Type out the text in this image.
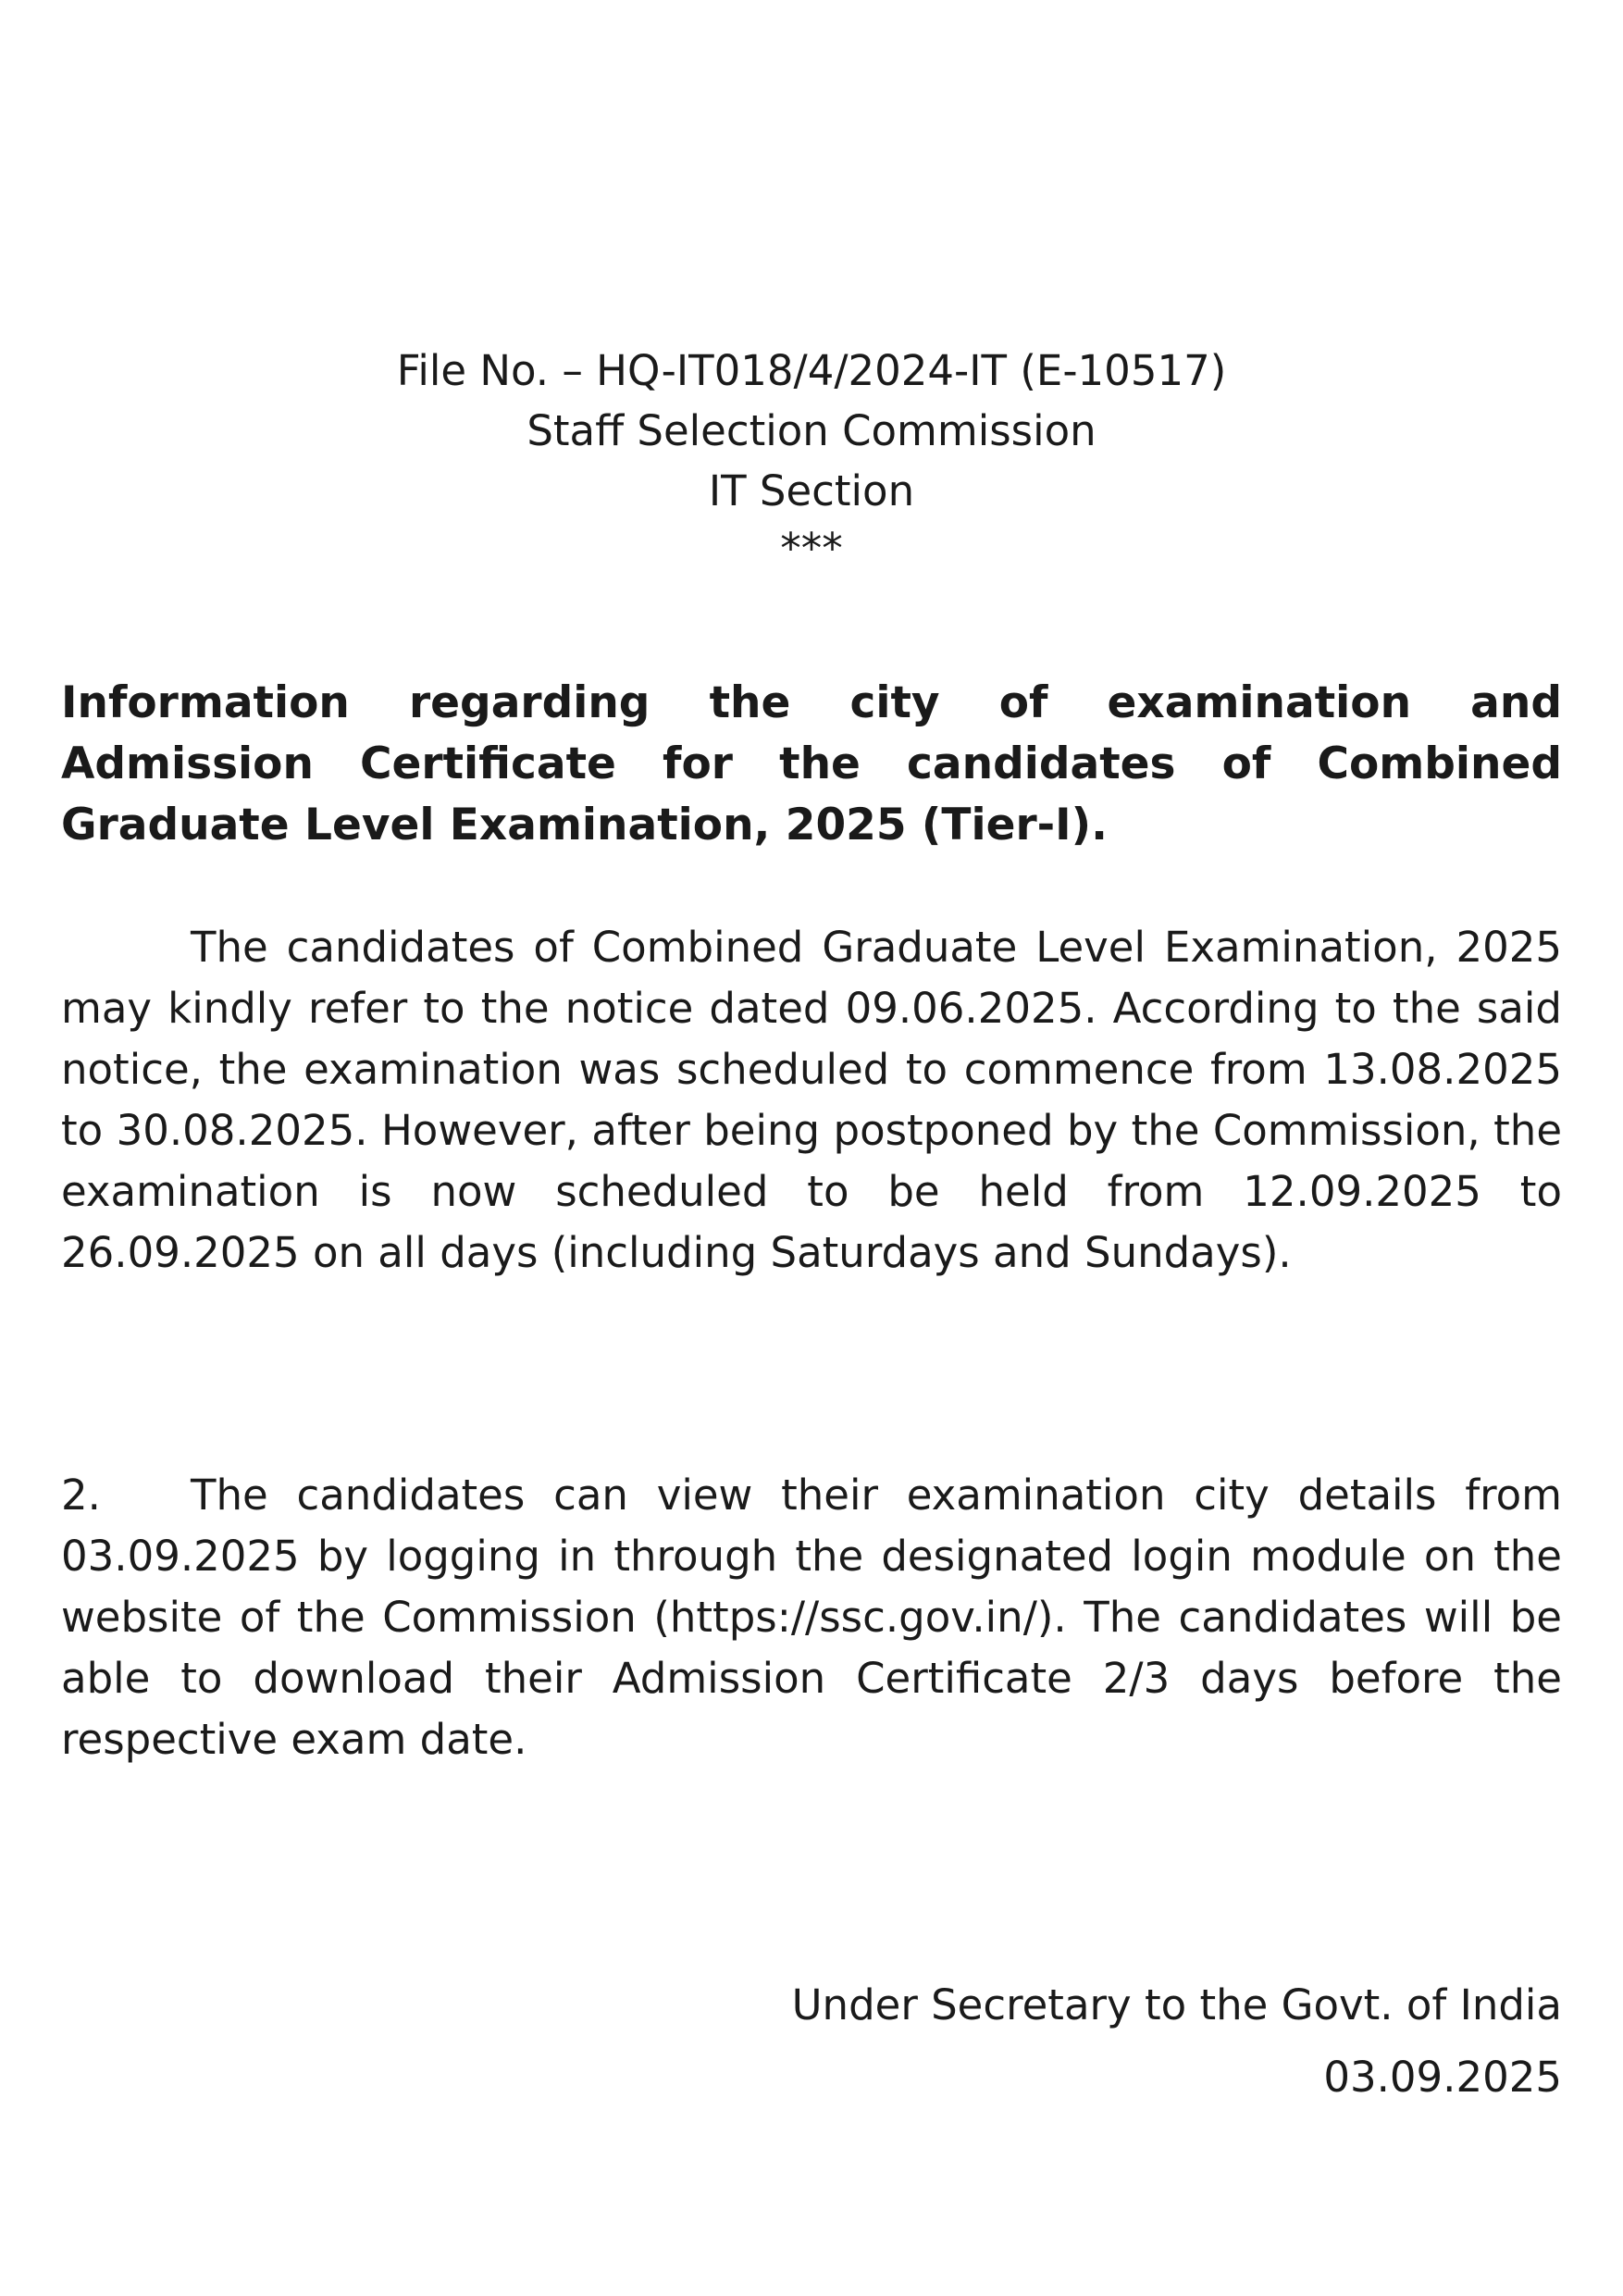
File No. – HQ-IT018/4/2024-IT (E-10517)
Staff Selection Commission
IT Section
***
Information regarding the city of examination and Admission Certificate for the candidates of Combined Graduate Level Examination, 2025 (Tier-I).
The candidates of Combined Graduate Level Examination, 2025 may kindly refer to the notice dated 09.06.2025. According to the said notice, the examination was scheduled to commence from 13.08.2025 to 30.08.2025. However, after being postponed by the Commission, the examination is now scheduled to be held from 12.09.2025 to 26.09.2025 on all days (including Saturdays and Sundays).
2. The candidates can view their examination city details from 03.09.2025 by logging in through the designated login module on the website of the Commission (https://ssc.gov.in/). The candidates will be able to download their Admission Certificate 2/3 days before the respective exam date.
Under Secretary to the Govt. of India
03.09.2025
